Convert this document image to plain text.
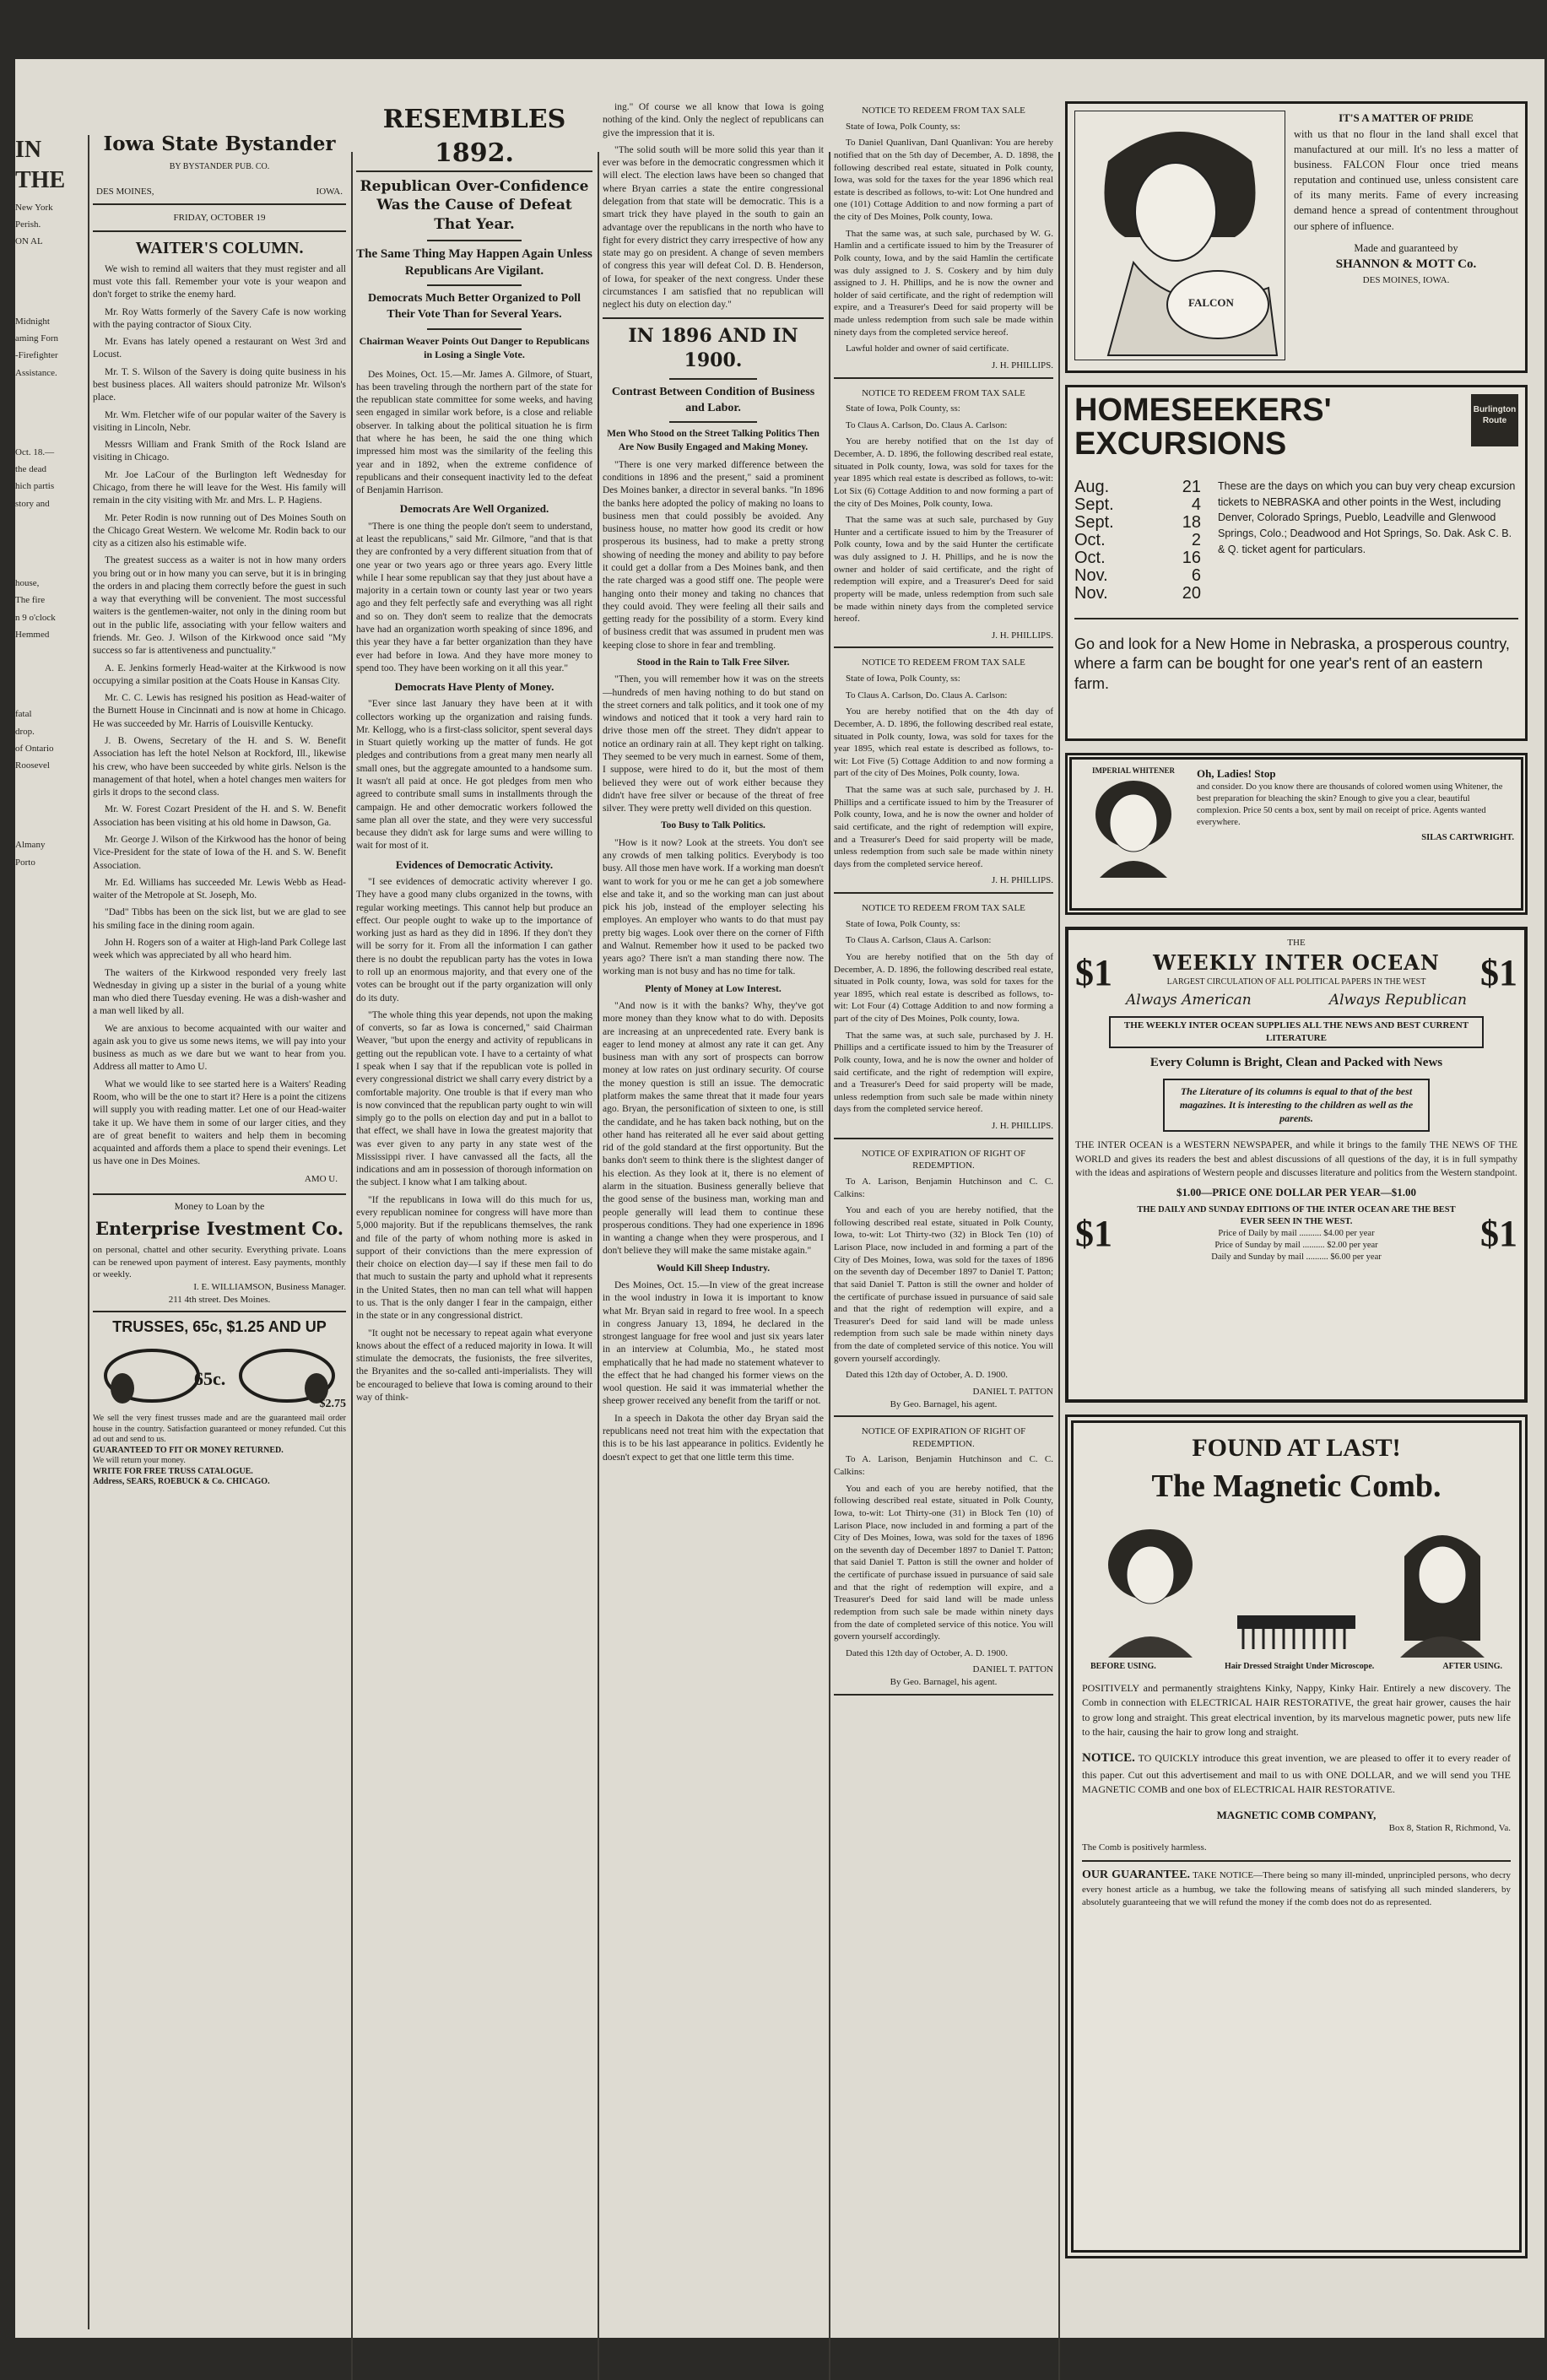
IN THE
New York
Perish.
ON AL
Midnight
aming Forn
-Firefighter
Assistance.
Oct. 18.—
the dead
hich partis
story and
house,
The fire
n 9 o'clock
Hemmed
fatal
drop.
of Ontario
Roosevel
Almany
Porto
Iowa State Bystander
BY BYSTANDER PUB. CO.
DES MOINES,	IOWA.
FRIDAY, OCTOBER 19
WAITER'S COLUMN.

We wish to remind all waiters that they must register and all must vote this fall. Remember your vote is your weapon and don't forget to strike the enemy hard.

Mr. Roy Watts formerly of the Savery Cafe is now working with the paying contractor of Sioux City.

Mr. Evans has lately opened a restaurant on West 3rd and Locust.

Mr. T. S. Wilson of the Savery is doing quite business in his best business places. All waiters should patronize Mr. Wilson's place.

Mr. Wm. Fletcher wife of our popular waiter of the Savery is visiting in Lincoln, Nebr.

Messrs William and Frank Smith of the Rock Island are visiting in Chicago.

Mr. Joe LaCour of the Burlington left Wednesday for Chicago, from there he will leave for the West. His family will remain in the city visiting with Mr. and Mrs. L. P. Hagiens.

Mr. Peter Rodin is now running out of Des Moines South on the Chicago Great Western. We welcome Mr. Rodin back to our city as a citizen also his estimable wife.

The greatest success as a waiter is not in how many orders you bring out or in how many you can serve, but it is in bringing the orders in and placing them correctly before the guest in such a way that everything will be convenient. The most successful waiters is the gentlemen-waiter, not only in the dining room but out in the public life, associating with your fellow waiters and friends. Mr. Geo. J. Wilson of the Kirkwood once said "My success so far is attentiveness and punctuality."

A. E. Jenkins formerly Head-waiter at the Kirkwood is now occupying a similar position at the Coats House in Kansas City.

Mr. C. C. Lewis has resigned his position as Head-waiter of the Burnett House in Cincinnati and is now at home in Chicago. He was succeeded by Mr. Harris of Louisville Kentucky.

J. B. Owens, Secretary of the H. and S. W. Benefit Association has left the hotel Nelson at Rockford, Ill., likewise his crew, who have been succeeded by white girls. Nelson is the management of that hotel, when a hotel changes men waiters for girls it drops to the second class.

Mr. W. Forest Cozart President of the H. and S. W. Benefit Association has been visiting at his old home in Dawson, Ga.

Mr. George J. Wilson of the Kirkwood has the honor of being Vice-President for the state of Iowa of the H. and S. W. Benefit Association.

Mr. Ed. Williams has succeeded Mr. Lewis Webb as Head-waiter of the Metropole at St. Joseph, Mo.

"Dad" Tibbs has been on the sick list, but we are glad to see his smiling face in the dining room again.

John H. Rogers son of a waiter at High-land Park College last week which was appreciated by all who heard him.

The waiters of the Kirkwood responded very freely last Wednesday in giving up a sister in the burial of a young white man who died there Tuesday evening. He was a dish-washer and a man well liked by all.

We are anxious to become acquainted with our waiter and again ask you to give us some news items, we will pay into your business as much as we dare but we want to hear from you. Address all matter to Amo U.

What we would like to see started here is a Waiters' Reading Room, who will be the one to start it? Here is a point the citizens will supply you with reading matter. Let one of our Head-waiter take it up. We have them in some of our larger cities, and they are of great benefit to waiters and help them in becoming acquainted and affords them a place to spend their evenings. Let us have one in Des Moines.

AMO U.
Money to Loan by the
Enterprise Ivestment Co.
on personal, chattel and other security. Everything private. Loans can be renewed upon payment of interest. Easy payments, monthly or weekly.
I. E. WILLIAMSON, Business Manager.
211 4th street. Des Moines.
TRUSSES, 65c, $1.25 AND UP
65c.
$2.75
We sell the very finest trusses made and are the guaranteed mail order house in the country. Satisfaction guaranteed or money refunded. Cut this ad out and send to us.
GUARANTEED TO FIT OR MONEY RETURNED.
We will return your money.
WRITE FOR FREE TRUSS CATALOGUE.
Address, SEARS, ROEBUCK & Co. CHICAGO.
RESEMBLES 1892.
Republican Over-Confidence Was the Cause of Defeat That Year.
The Same Thing May Happen Again Unless Republicans Are Vigilant.
Democrats Much Better Organized to Poll Their Vote Than for Several Years.
Chairman Weaver Points Out Danger to Republicans in Losing a Single Vote.

Des Moines, Oct. 15.—Mr. James A. Gilmore, of Stuart, has been traveling through the northern part of the state for the republican state committee for some weeks, and having seen engaged in similar work before, is a close and reliable observer. In talking about the political situation he is firm that where he has been, he said the one thing which impressed him most was the similarity of the feeling this year and in 1892, when the extreme confidence of republicans and their consequent inactivity led to the defeat of Benjamin Harrison.

Democrats Are Well Organized.

"There is one thing the people don't seem to understand, at least the republicans," said Mr. Gilmore, "and that is that they are confronted by a very different situation from that of one year or two years ago or three years ago. Every little while I hear some republican say that they just about have a majority in a certain town or county last year or two years ago and they felt perfectly safe and everything was all right and so on. They don't seem to realize that the democrats have had an organization worth speaking of since 1896, and this year they have a far better organization than they have ever had before in Iowa. And they have more money to spend too. They have been working on it all this year."

Democrats Have Plenty of Money.

"Ever since last January they have been at it with collectors working up the organization and raising funds. Mr. Kellogg, who is a first-class solicitor, spent several days in Stuart quietly working up the matter of funds. He got pledges and contributions from a great many men nearly all small ones, but the aggregate amounted to a handsome sum. It wasn't all paid at once. He got pledges from men who agreed to contribute small sums in installments through the campaign. He and other democratic workers followed the same plan all over the state, and they were very successful because they didn't ask for large sums and were willing to wait for most of it.

Evidences of Democratic Activity.

"I see evidences of democratic activity wherever I go. They have a good many clubs organized in the towns, with regular working meetings. This cannot help but produce an effect. Our people ought to wake up to the importance of working just as hard as they did in 1896. If they don't they will be sorry for it. From all the information I can gather there is no doubt the republican party has the votes in Iowa to roll up an enormous majority, and that every one of the votes can be brought out if the party organization will only do its duty.

"The whole thing this year depends, not upon the making of converts, so far as Iowa is concerned," said Chairman Weaver, "but upon the energy and activity of republicans in getting out the republican vote. I have to a certainty of what I speak when I say that if the republican vote is polled in every congressional district we shall carry every district by a comfortable majority. One trouble is that if every man who is now convinced that the republican party ought to win will simply go to the polls on election day and put in a ballot to that effect, we shall have in Iowa the greatest majority that was ever given to any party in any state west of the Mississippi river. I have canvassed all the facts, all the indications and am in possession of thorough information on the subject. I know what I am talking about.

"If the republicans in Iowa will do this much for us, every republican nominee for congress will have more than 5,000 majority. But if the republicans themselves, the rank and file of the party of whom nothing more is asked in support of their convictions than the mere expression of their choice on election day—I say if these men fail to do that much to sustain the party and uphold what it represents in the United States, then no man can tell what will happen to us. That is the only danger I fear in the campaign, either in the state or in any congressional district.

"It ought not be necessary to repeat again what everyone knows about the effect of a reduced majority in Iowa. It will stimulate the democrats, the fusionists, the free silverites, the Bryanites and the so-called anti-imperialists. They will be encouraged to believe that Iowa is coming around to their way of think-

ing." Of course we all know that Iowa is going nothing of the kind. Only the neglect of republicans can give the impression that it is.

"The solid south will be more solid this year than it ever was before in the democratic congressmen which it will elect. The election laws have been so changed that where Bryan carries a state the entire congressional delegation from that state will be democratic. This is a smart trick they have played in the south to gain an advantage over the republicans in the north who have to fight for every district they carry irrespective of how any state may go on president. A change of seven members of congress this year will defeat Col. D. B. Henderson, of Iowa, for speaker of the next congress. Under these circumstances I am satisfied that no republican will neglect his duty on election day."

IN 1896 AND IN 1900.
Contrast Between Condition of Business and Labor.
Men Who Stood on the Street Talking Politics Then Are Now Busily Engaged and Making Money.

"There is one very marked difference between the conditions in 1896 and the present," said a prominent Des Moines banker, a director in several banks. "In 1896 the banks here adopted the policy of making no loans to business men that could possibly be avoided. Any business house, no matter how good its credit or how prosperous its business, had to make a pretty strong showing of needing the money and ability to pay before it could get a dollar from a Des Moines bank, and then the rate charged was a good stiff one. The people were hanging onto their money and taking no chances that they could avoid. They were feeling all their sails and getting ready for the possibility of a storm. Every kind of business credit that was assumed in prudent men was keeping close to shore in fear and trembling.

Stood in the Rain to Talk Free Silver.

"Then, you will remember how it was on the streets—hundreds of men having nothing to do but stand on the street corners and talk politics, and it took one of my windows and noticed that it took a very hard rain to drive those men off the street. They didn't appear to notice an ordinary rain at all. They kept right on talking. They seemed to be very much in earnest. Some of them, I suppose, were hired to do it, but the most of them believed they were out of work either because they didn't have free silver or because of the threat of free silver. They were pretty well divided on this question.

Too Busy to Talk Politics.

"How is it now? Look at the streets. You don't see any crowds of men talking politics. Everybody is too busy. All those men have work. If a working man doesn't want to work for you or me he can get a job somewhere else and take it, and so the working man can just about pick his job, instead of the employer selecting his employes. An employer who wants to do that must pay pretty big wages. Look over there on the corner of Fifth and Walnut. Remember how it used to be packed two years ago? There isn't a man standing there now. The working man is not busy and has no time for talk.

Plenty of Money at Low Interest.

"And now is it with the banks? Why, they've got more money than they know what to do with. Deposits are increasing at an unprecedented rate. Every bank is eager to lend money at almost any rate it can get. Any business man with any sort of prospects can borrow money at low rates on just ordinary security. Of course the money question is still an issue. The democratic platform makes the same threat that it made four years ago. Bryan, the personification of sixteen to one, is still the candidate, and he has taken back nothing, but on the other hand has reiterated all he ever said about getting rid of the gold standard at the first opportunity. But the banks don't seem to think there is the slightest danger of his election. As they look at it, there is no element of alarm in the situation. Business generally believe that the good sense of the business man, working man and people generally will lead them to continue these prosperous conditions. They had one experience in 1896 in wanting a change when they were prosperous, and I don't believe they will make the same mistake again."

Would Kill Sheep Industry.

Des Moines, Oct. 15.—In view of the great increase in the wool industry in Iowa it is important to know what Mr. Bryan said in regard to free wool. In a speech in congress January 13, 1894, he declared in the strongest language for free wool and just six years later in an interview at Columbia, Mo., he stated most emphatically that he had made no statement whatever to the effect that he had changed his former views on the wool question. He said it was immaterial whether the sheep grower received any benefit from the tariff or not.

In a speech in Dakota the other day Bryan said the republicans need not treat him with the expectation that this is to be his last appearance in politics. Evidently he doesn't expect to get that one little term this time.

NOTICE TO REDEEM FROM TAX SALE

State of Iowa, Polk County, ss:

To Daniel Quanlivan, Danl Quanlivan: You are hereby notified that on the 5th day of December, A. D. 1898, the following described real estate, situated in Polk county, Iowa, was sold for the taxes for the year 1896 which real estate is described as follows, to-wit: Lot One hundred and one (101) Cottage Addition to and now forming a part of the city of Des Moines, Polk county, Iowa.

That the same was, at such sale, purchased by W. G. Hamlin and a certificate issued to him by the Treasurer of Polk county, Iowa, and by the said Hamlin the certificate was duly assigned to J. S. Coskery and by him duly assigned to J. H. Phillips, and he is now the owner and holder of said certificate, and the right of redemption will expire, and a Treasurer's Deed for said property will be made unless redemption from such sale be made within ninety days from the completed service hereof.

Lawful holder and owner of said certificate.

J. H. PHILLIPS.
NOTICE TO REDEEM FROM TAX SALE

State of Iowa, Polk County, ss:

To Claus A. Carlson, Do. Claus A. Carlson:

You are hereby notified that on the 1st day of December, A. D. 1896, the following described real estate, situated in Polk county, Iowa, was sold for taxes for the year 1895 which real estate is described as follows, to-wit: Lot Six (6) Cottage Addition to and now forming a part of the city of Des Moines, Polk county, Iowa.

That the same was at such sale, purchased by Guy Hunter and a certificate issued to him by the Treasurer of Polk county, Iowa and by the said Hunter the certificate was duly assigned to J. H. Phillips, and he is now the owner and holder of said certificate, and the right of redemption will expire, and a Treasurer's Deed for said property will be made, unless redemption from such sale be made within ninety days from the completed service hereof.

J. H. PHILLIPS.
NOTICE TO REDEEM FROM TAX SALE

State of Iowa, Polk County, ss:

To Claus A. Carlson, Do. Claus A. Carlson:

You are hereby notified that on the 4th day of December, A. D. 1896, the following described real estate, situated in Polk county, Iowa, was sold for taxes for the year 1895, which real estate is described as follows, to-wit: Lot Five (5) Cottage Addition to and now forming a part of the city of Des Moines, Polk county, Iowa.

That the same was at such sale, purchased by J. H. Phillips and a certificate issued to him by the Treasurer of Polk county, Iowa, and he is now the owner and holder of said certificate, and the right of redemption will expire, and a Treasurer's Deed for said property will be made, unless redemption from such sale be made within ninety days from the completed service hereof.

J. H. PHILLIPS.
NOTICE TO REDEEM FROM TAX SALE

State of Iowa, Polk County, ss:

To Claus A. Carlson, Claus A. Carlson:

You are hereby notified that on the 5th day of December, A. D. 1896, the following described real estate, situated in Polk county, Iowa, was sold for taxes for the year 1895, which real estate is described as follows, to-wit: Lot Four (4) Cottage Addition to and now forming a part of the city of Des Moines, Polk county, Iowa.

That the same was, at such sale, purchased by J. H. Phillips and a certificate issued to him by the Treasurer of Polk county, Iowa, and he is now the owner and holder of said certificate, and the right of redemption will expire, and a Treasurer's Deed for said property will be made, unless redemption from such sale be made within ninety days from the completed service hereof.

J. H. PHILLIPS.
NOTICE OF EXPIRATION OF RIGHT OF REDEMPTION.

To A. Larison, Benjamin Hutchinson and C. C. Calkins:

You and each of you are hereby notified, that the following described real estate, situated in Polk County, Iowa, to-wit: Lot Thirty-two (32) in Block Ten (10) of Larison Place, now included in and forming a part of the City of Des Moines, Iowa, was sold for the taxes of 1896 on the seventh day of December 1897 to Daniel T. Patton; that said Daniel T. Patton is still the owner and holder of the certificate of purchase issued in pursuance of said sale and that the right of redemption will expire, and a Treasurer's Deed for said land will be made unless redemption from such sale be made within ninety days from the date of completed service of this notice. You will govern yourself accordingly.

Dated this 12th day of October, A. D. 1900.

DANIEL T. PATTON
By Geo. Barnagel, his agent.
NOTICE OF EXPIRATION OF RIGHT OF REDEMPTION.

To A. Larison, Benjamin Hutchinson and C. C. Calkins:

You and each of you are hereby notified, that the following described real estate, situated in Polk County, Iowa, to-wit: Lot Thirty-one (31) in Block Ten (10) of Larison Place, now included in and forming a part of the City of Des Moines, Iowa, was sold for the taxes of 1896 on the seventh day of December 1897 to Daniel T. Patton; that said Daniel T. Patton is still the owner and holder of the certificate of purchase issued in pursuance of said sale and that the right of redemption will expire, and a Treasurer's Deed for said land will be made unless redemption from such sale be made within ninety days from the date of completed service of this notice. You will govern yourself accordingly.

Dated this 12th day of October, A. D. 1900.

DANIEL T. PATTON
By Geo. Barnagel, his agent.
FALCON
IT'S A MATTER OF PRIDE
with us that no flour in the land shall excel that manufactured at our mill. It's no less a matter of business. FALCON Flour once tried means reputation and continued use, unless consistent care of its many merits. Fame of every increasing demand hence a spread of contentment throughout our sphere of influence.
Made and guaranteed by
SHANNON & MOTT Co.
DES MOINES, IOWA.
HOMESEEKERS' EXCURSIONS
Burlington Route
Aug.	21
Sept.	4
Sept.	18
Oct.	2
Oct.	16
Nov.	6
Nov.	20
These are the days on which you can buy very cheap excursion tickets to NEBRASKA and other points in the West, including Denver, Colorado Springs, Pueblo, Leadville and Glenwood Springs, Colo.; Deadwood and Hot Springs, So. Dak. Ask C. B. & Q. ticket agent for particulars.
Go and look for a New Home in Nebraska, a prosperous country, where a farm can be bought for one year's rent of an eastern farm.
IMPERIAL WHITENER	Oh, Ladies! Stop
and consider. Do you know there are thousands of colored women using Whitener, the best preparation for bleaching the skin? Enough to give you a clear, beautiful complexion. Price 50 cents a box, sent by mail on receipt of price. Agents wanted everywhere.
SILAS CARTWRIGHT.
$1
THE
WEEKLY INTER OCEAN
LARGEST CIRCULATION OF ALL POLITICAL PAPERS IN THE WEST
Always American	Always Republican
$1
THE WEEKLY INTER OCEAN SUPPLIES ALL THE NEWS AND BEST CURRENT LITERATURE
Every Column is Bright, Clean and Packed with News
The Literature of its columns is equal to that of the best magazines. It is interesting to the children as well as the parents.
THE INTER OCEAN is a WESTERN NEWSPAPER, and while it brings to the family THE NEWS OF THE WORLD and gives its readers the best and ablest discussions of all questions of the day, it is in full sympathy with the ideas and aspirations of Western people and discusses literature and politics from the Western standpoint.
$1.00—PRICE ONE DOLLAR PER YEAR—$1.00
$1
THE DAILY AND SUNDAY EDITIONS OF THE INTER OCEAN ARE THE BEST EVER SEEN IN THE WEST.
Price of Daily by mail .......... $4.00 per year
Price of Sunday by mail .......... $2.00 per year
Daily and Sunday by mail .......... $6.00 per year
$1
FOUND AT LAST!
The Magnetic Comb.
BEFORE USING.	Hair Dressed Straight Under Microscope.	AFTER USING.
POSITIVELY and permanently straightens Kinky, Nappy, Kinky Hair. Entirely a new discovery. The Comb in connection with ELECTRICAL HAIR RESTORATIVE, the great hair grower, causes the hair to grow long and straight. This great electrical invention, by its marvelous magnetic power, puts new life to the hair, causing the hair to grow long and straight.
NOTICE. TO QUICKLY introduce this great invention, we are pleased to offer it to every reader of this paper. Cut out this advertisement and mail to us with ONE DOLLAR, and we will send you THE MAGNETIC COMB and one box of ELECTRICAL HAIR RESTORATIVE.
MAGNETIC COMB COMPANY,
Box 8, Station R, Richmond, Va.
The Comb is positively harmless.
OUR GUARANTEE. TAKE NOTICE—There being so many ill-minded, unprincipled persons, who decry every honest article as a humbug, we take the following means of satisfying all such minded slanderers, by absolutely guaranteeing that we will refund the money if the comb does not do as represented.
